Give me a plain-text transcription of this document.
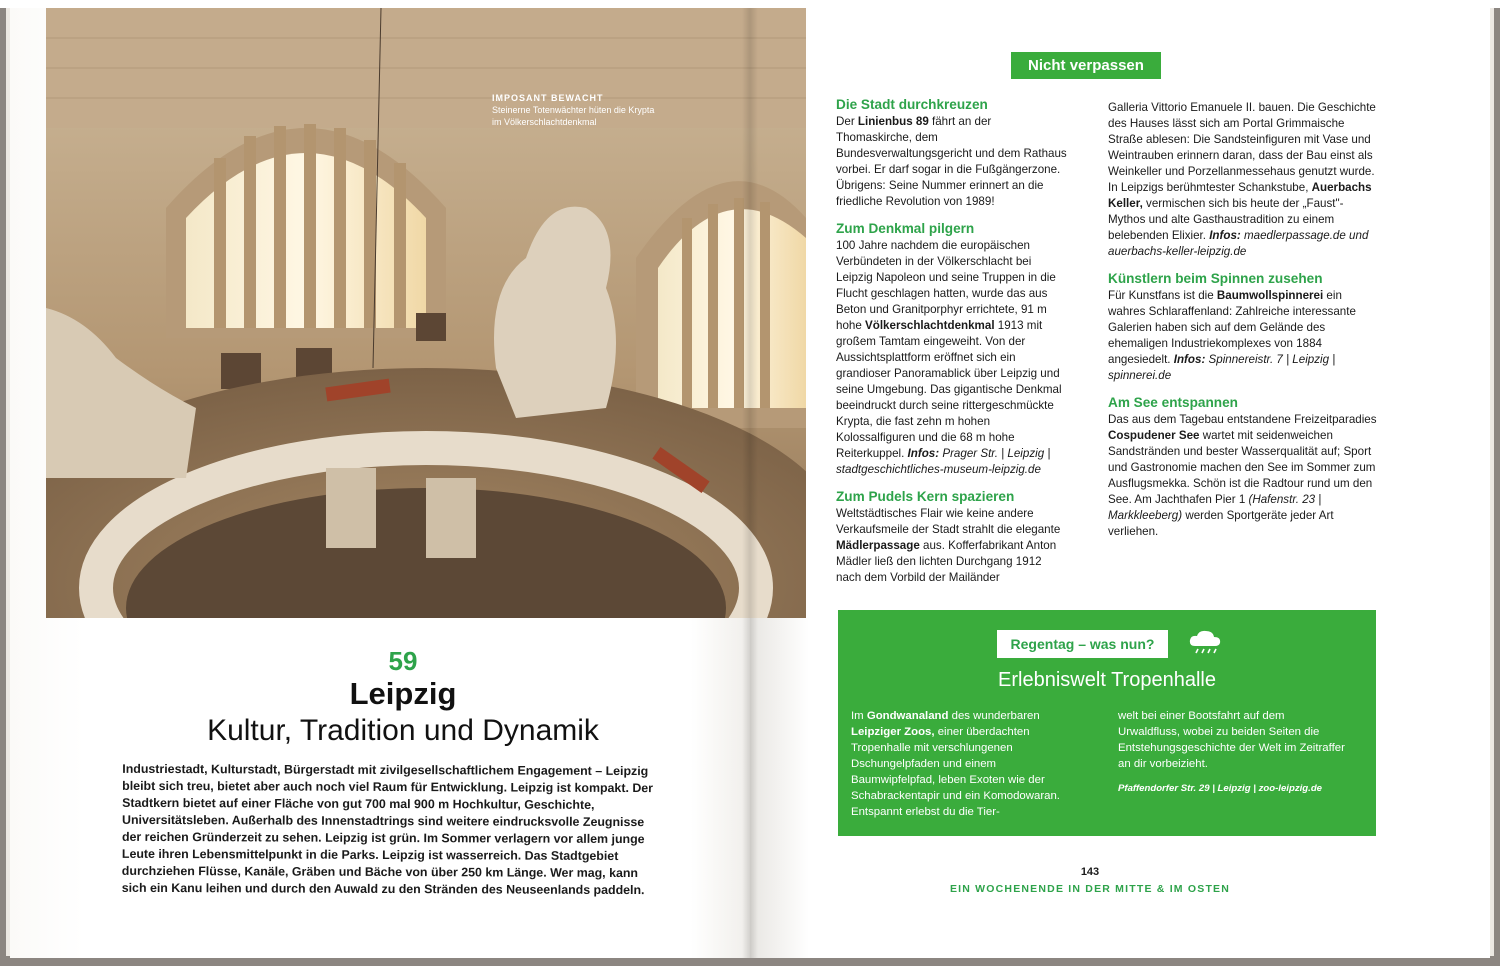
IMPOSANT BEWACHT
Steinerne Totenwächter hüten die Krypta im Völkerschlachtdenkmal
59
Leipzig
Kultur, Tradition und Dynamik
Industriestadt, Kulturstadt, Bürgerstadt mit zivilgesellschaftlichem Engagement – Leipzig bleibt sich treu, bietet aber auch noch viel Raum für Entwicklung. Leipzig ist kompakt. Der Stadtkern bietet auf einer Fläche von gut 700 mal 900 m Hochkultur, Geschichte, Universitätsleben. Außerhalb des Innenstadtrings sind weitere eindrucksvolle Zeugnisse der reichen Gründerzeit zu sehen. Leipzig ist grün. Im Sommer verlagern vor allem junge Leute ihren Lebensmittelpunkt in die Parks. Leipzig ist wasserreich. Das Stadtgebiet durchziehen Flüsse, Kanäle, Gräben und Bäche von über 250 km Länge. Wer mag, kann sich ein Kanu leihen und durch den Auwald zu den Stränden des Neuseenlands paddeln.
Nicht verpassen
Die Stadt durchkreuzen
Der Linienbus 89 fährt an der Thomaskirche, dem Bundesverwaltungsgericht und dem Rathaus vorbei. Er darf sogar in die Fußgängerzone. Übrigens: Seine Nummer erinnert an die friedliche Revolution von 1989!
Zum Denkmal pilgern
100 Jahre nachdem die europäischen Verbündeten in der Völkerschlacht bei Leipzig Napoleon und seine Truppen in die Flucht geschlagen hatten, wurde das aus Beton und Granitporphyr errichtete, 91 m hohe Völkerschlachtdenkmal 1913 mit großem Tamtam eingeweiht. Von der Aussichtsplattform eröffnet sich ein grandioser Panoramablick über Leipzig und seine Umgebung. Das gigantische Denkmal beeindruckt durch seine rittergeschmückte Krypta, die fast zehn m hohen Kolossalfiguren und die 68 m hohe Reiterkuppel. Infos: Prager Str. | Leipzig | stadtgeschichtliches-museum-leipzig.de
Zum Pudels Kern spazieren
Weltstädtisches Flair wie keine andere Verkaufsmeile der Stadt strahlt die elegante Mädlerpassage aus. Kofferfabrikant Anton Mädler ließ den lichten Durchgang 1912 nach dem Vorbild der Mailänder
Galleria Vittorio Emanuele II. bauen. Die Geschichte des Hauses lässt sich am Portal Grimmaische Straße ablesen: Die Sandsteinfiguren mit Vase und Weintrauben erinnern daran, dass der Bau einst als Weinkeller und Porzellanmessehaus genutzt wurde. In Leipzigs berühmtester Schankstube, Auerbachs Keller, vermischen sich bis heute der „Faust"-Mythos und alte Gasthaustradition zu einem belebenden Elixier. Infos: maedlerpassage.de und auerbachs-keller-leipzig.de
Künstlern beim Spinnen zusehen
Für Kunstfans ist die Baumwollspinnerei ein wahres Schlaraffenland: Zahlreiche interessante Galerien haben sich auf dem Gelände des ehemaligen Industriekomplexes von 1884 angesiedelt. Infos: Spinnereistr. 7 | Leipzig | spinnerei.de
Am See entspannen
Das aus dem Tagebau entstandene Freizeitparadies Cospudener See wartet mit seidenweichen Sandstränden und bester Wasserqualität auf; Sport und Gastronomie machen den See im Sommer zum Ausflugsmekka. Schön ist die Radtour rund um den See. Am Jachthafen Pier 1 (Hafenstr. 23 | Markkleeberg) werden Sportgeräte jeder Art verliehen.
Regentag – was nun?
Erlebniswelt Tropenhalle
Im Gondwanaland des wunderbaren Leipziger Zoos, einer überdachten Tropenhalle mit verschlungenen Dschungelpfaden und einem Baumwipfelpfad, leben Exoten wie der Schabrackentapir und ein Komodowaran. Entspannt erlebst du die Tier-
welt bei einer Bootsfahrt auf dem Urwaldfluss, wobei zu beiden Seiten die Entstehungsgeschichte der Welt im Zeitraffer an dir vorbeizieht.
Pfaffendorfer Str. 29 | Leipzig | zoo-leipzig.de
143
EIN WOCHENENDE IN DER MITTE & IM OSTEN
